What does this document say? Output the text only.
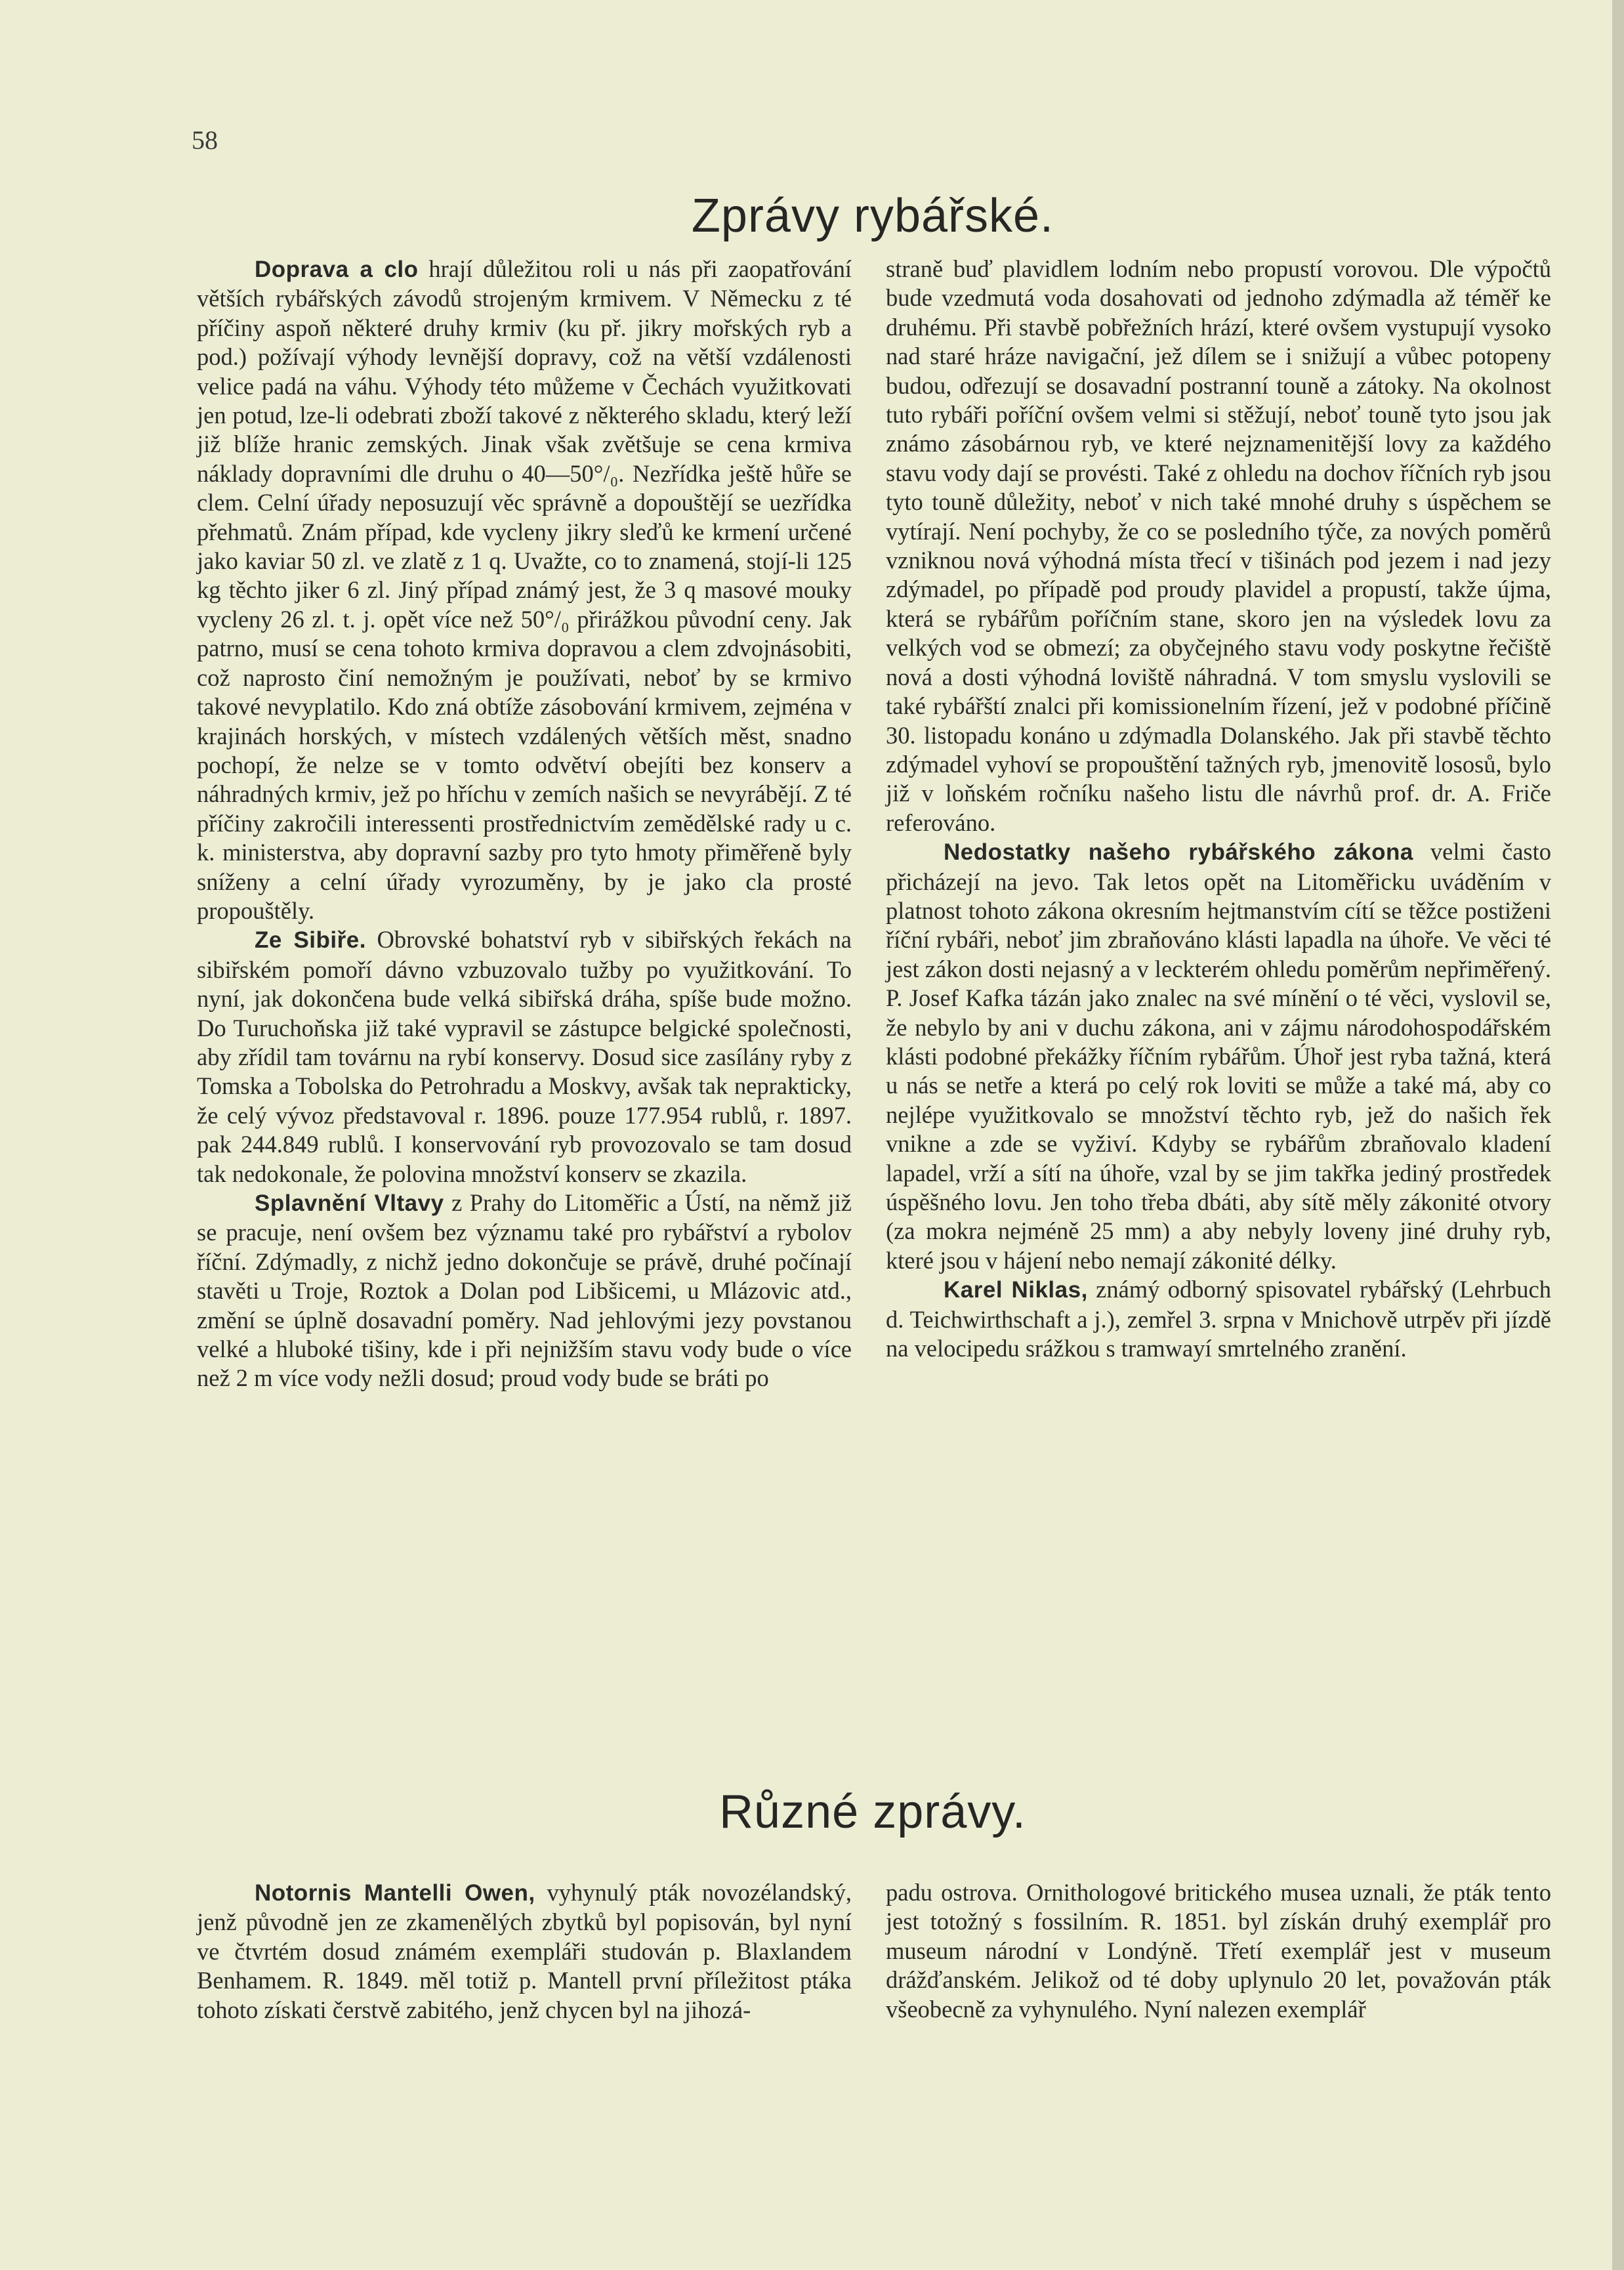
58
Zprávy rybářské.

Doprava a clo hrají důležitou roli u nás při zaopatřování větších rybářských závodů strojeným krmivem. V Německu z té příčiny aspoň některé druhy krmiv (ku př. jikry mořských ryb a pod.) požívají výhody levnější dopravy, což na větší vzdálenosti velice padá na váhu. Výhody této můžeme v Čechách využitkovati jen potud, lze-li odebrati zboží takové z některého skladu, který leží již blíže hranic zemských. Jinak však zvětšuje se cena krmiva náklady dopravními dle druhu o 40—50°/₀. Nezřídka ještě hůře se clem. Celní úřady neposuzují věc správně a dopouštějí se uezřídka přehmatů. Znám případ, kde vycleny jikry sleďů ke krmení určené jako kaviar 50 zl. ve zlatě z 1 q. Uvažte, co to znamená, stojí-li 125 kg těchto jiker 6 zl. Jiný případ známý jest, že 3 q masové mouky vycleny 26 zl. t. j. opět více než 50°/₀ přirážkou původní ceny. Jak patrno, musí se cena tohoto krmiva dopravou a clem zdvojnásobiti, což naprosto činí nemožným je používati, neboť by se krmivo takové nevyplatilo. Kdo zná obtíže zásobování krmivem, zejména v krajinách horských, v místech vzdálených větších měst, snadno pochopí, že nelze se v tomto odvětví obejíti bez konserv a náhradných krmiv, jež po hříchu v zemích našich se nevyrábějí. Z té příčiny zakročili interessenti prostřednictvím zemědělské rady u c. k. ministerstva, aby dopravní sazby pro tyto hmoty přiměřeně byly sníženy a celní úřady vyrozuměny, by je jako cla prosté propouštěly.

Ze Sibiře. Obrovské bohatství ryb v sibiřských řekách na sibiřském pomoří dávno vzbuzovalo tužby po využitkování. To nyní, jak dokončena bude velká sibiřská dráha, spíše bude možno. Do Turuchoňska již také vypravil se zástupce belgické společnosti, aby zřídil tam továrnu na rybí konservy. Dosud sice zasílány ryby z Tomska a Tobolska do Petrohradu a Moskvy, avšak tak neprakticky, že celý vývoz představoval r. 1896. pouze 177.954 rublů, r. 1897. pak 244.849 rublů. I konservování ryb provozovalo se tam dosud tak nedokonale, že polovina množství konserv se zkazila.

Splavnění Vltavy z Prahy do Litoměřic a Ústí, na němž již se pracuje, není ovšem bez významu také pro rybářství a rybolov říční. Zdýmadly, z nichž jedno dokončuje se právě, druhé počínají stavěti u Troje, Roztok a Dolan pod Libšicemi, u Mlázovic atd., změní se úplně dosavadní poměry. Nad jehlovými jezy povstanou velké a hluboké tišiny, kde i při nejnižším stavu vody bude o více než 2 m více vody nežli dosud; proud vody bude se bráti po

straně buď plavidlem lodním nebo propustí vorovou. Dle výpočtů bude vzedmutá voda dosahovati od jednoho zdýmadla až téměř ke druhému. Při stavbě pobřežních hrází, které ovšem vystupují vysoko nad staré hráze navigační, jež dílem se i snižují a vůbec potopeny budou, odřezují se dosavadní postranní touně a zátoky. Na okolnost tuto rybáři poříční ovšem velmi si stěžují, neboť touně tyto jsou jak známo zásobárnou ryb, ve které nejznamenitější lovy za každého stavu vody dají se provésti. Také z ohledu na dochov říčních ryb jsou tyto touně důležity, neboť v nich také mnohé druhy s úspěchem se vytírají. Není pochyby, že co se posledního týče, za nových poměrů vzniknou nová výhodná místa třecí v tišinách pod jezem i nad jezy zdýmadel, po případě pod proudy plavidel a propustí, takže újma, která se rybářům poříčním stane, skoro jen na výsledek lovu za velkých vod se obmezí; za obyčejného stavu vody poskytne řečiště nová a dosti výhodná loviště náhradná. V tom smyslu vyslovili se také rybářští znalci při komissionelním řízení, jež v podobné příčině 30. listopadu konáno u zdýmadla Dolanského. Jak při stavbě těchto zdýmadel vyhoví se propouštění tažných ryb, jmenovitě lososů, bylo již v loňském ročníku našeho listu dle návrhů prof. dr. A. Friče referováno.

Nedostatky našeho rybářského zákona velmi často přicházejí na jevo. Tak letos opět na Litoměřicku uváděním v platnost tohoto zákona okresním hejtmanstvím cítí se těžce postiženi říční rybáři, neboť jim zbraňováno klásti lapadla na úhoře. Ve věci té jest zákon dosti nejasný a v leckterém ohledu poměrům nepřiměřený. P. Josef Kafka tázán jako znalec na své mínění o té věci, vyslovil se, že nebylo by ani v duchu zákona, ani v zájmu národohospodářském klásti podobné překážky říčním rybářům. Úhoř jest ryba tažná, která u nás se netře a která po celý rok loviti se může a také má, aby co nejlépe využitkovalo se množství těchto ryb, jež do našich řek vnikne a zde se vyživí. Kdyby se rybářům zbraňovalo kladení lapadel, vrží a sítí na úhoře, vzal by se jim takřka jediný prostředek úspěšného lovu. Jen toho třeba dbáti, aby sítě měly zákonité otvory (za mokra nejméně 25 mm) a aby nebyly loveny jiné druhy ryb, které jsou v hájení nebo nemají zákonité délky.

Karel Niklas, známý odborný spisovatel rybářský (Lehrbuch d. Teichwirthschaft a j.), zemřel 3. srpna v Mnichově utrpěv při jízdě na velocipedu srážkou s tramwayí smrtelného zranění.

Různé zprávy.

Notornis Mantelli Owen, vyhynulý pták novozélandský, jenž původně jen ze zkamenělých zbytků byl popisován, byl nyní ve čtvrtém dosud známém exempláři studován p. Blaxlandem Benhamem. R. 1849. měl totiž p. Mantell první příležitost ptáka tohoto získati čerstvě zabitého, jenž chycen byl na jihozá-

padu ostrova. Ornithologové britického musea uznali, že pták tento jest totožný s fossilním. R. 1851. byl získán druhý exemplář pro museum národní v Londýně. Třetí exemplář jest v museum drážďanském. Jelikož od té doby uplynulo 20 let, považován pták všeobecně za vyhynulého. Nyní nalezen exemplář
